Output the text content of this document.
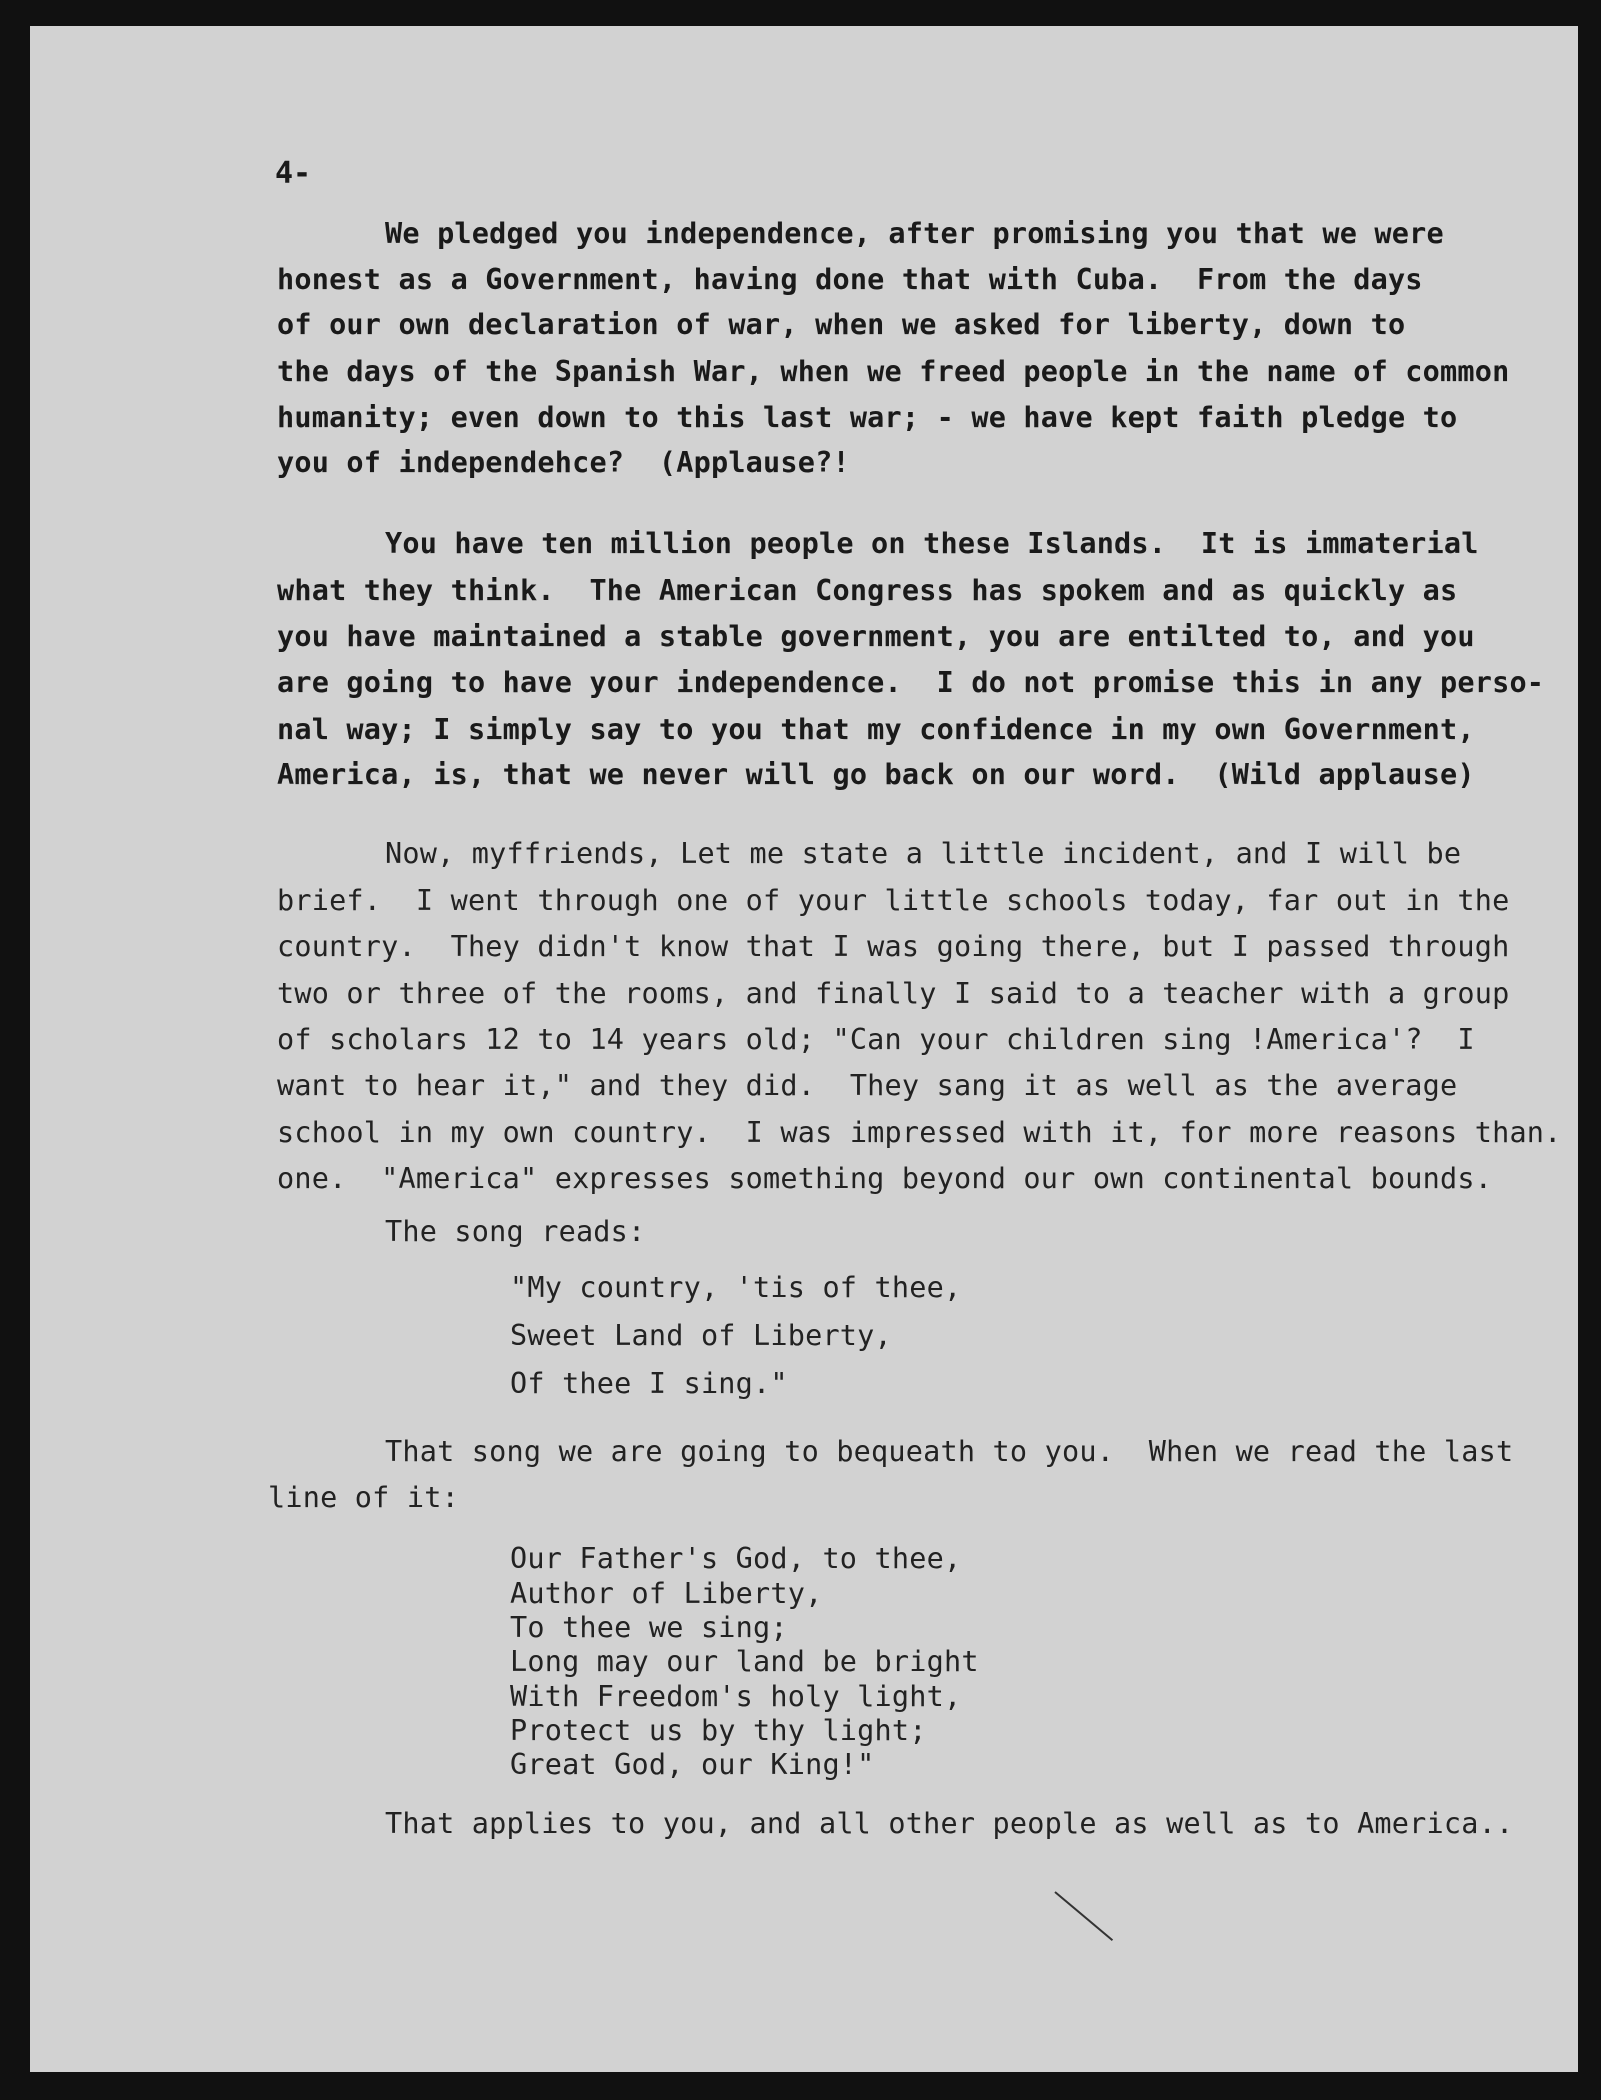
4-
We pledged you independence, after promising you that we were
honest as a Government, having done that with Cuba.  From the days
of our own declaration of war, when we asked for liberty, down to
the days of the Spanish War, when we freed people in the name of common
humanity; even down to this last war; - we have kept faith pledge to
you of independehce?  (Applause?!
You have ten million people on these Islands.  It is immaterial
what they think.  The American Congress has spokem and as quickly as
you have maintained a stable government, you are entilted to, and you
are going to have your independence.  I do not promise this in any perso-
nal way; I simply say to you that my confidence in my own Government,
America, is, that we never will go back on our word.  (Wild applause)
Now, myffriends, Let me state a little incident, and I will be
brief.  I went through one of your little schools today, far out in the
country.  They didn't know that I was going there, but I passed through
two or three of the rooms, and finally I said to a teacher with a group
of scholars 12 to 14 years old; "Can your children sing !America'?  I
want to hear it," and they did.  They sang it as well as the average
school in my own country.  I was impressed with it, for more reasons than.
one.  "America" expresses something beyond our own continental bounds.
The song reads:
"My country, 'tis of thee,
Sweet Land of Liberty,
Of thee I sing."
That song we are going to bequeath to you.  When we read the last
line of it:
Our Father's God, to thee,
Author of Liberty,
To thee we sing;
Long may our land be bright
With Freedom's holy light,
Protect us by thy light;
Great God, our King!"
That applies to you, and all other people as well as to America..
